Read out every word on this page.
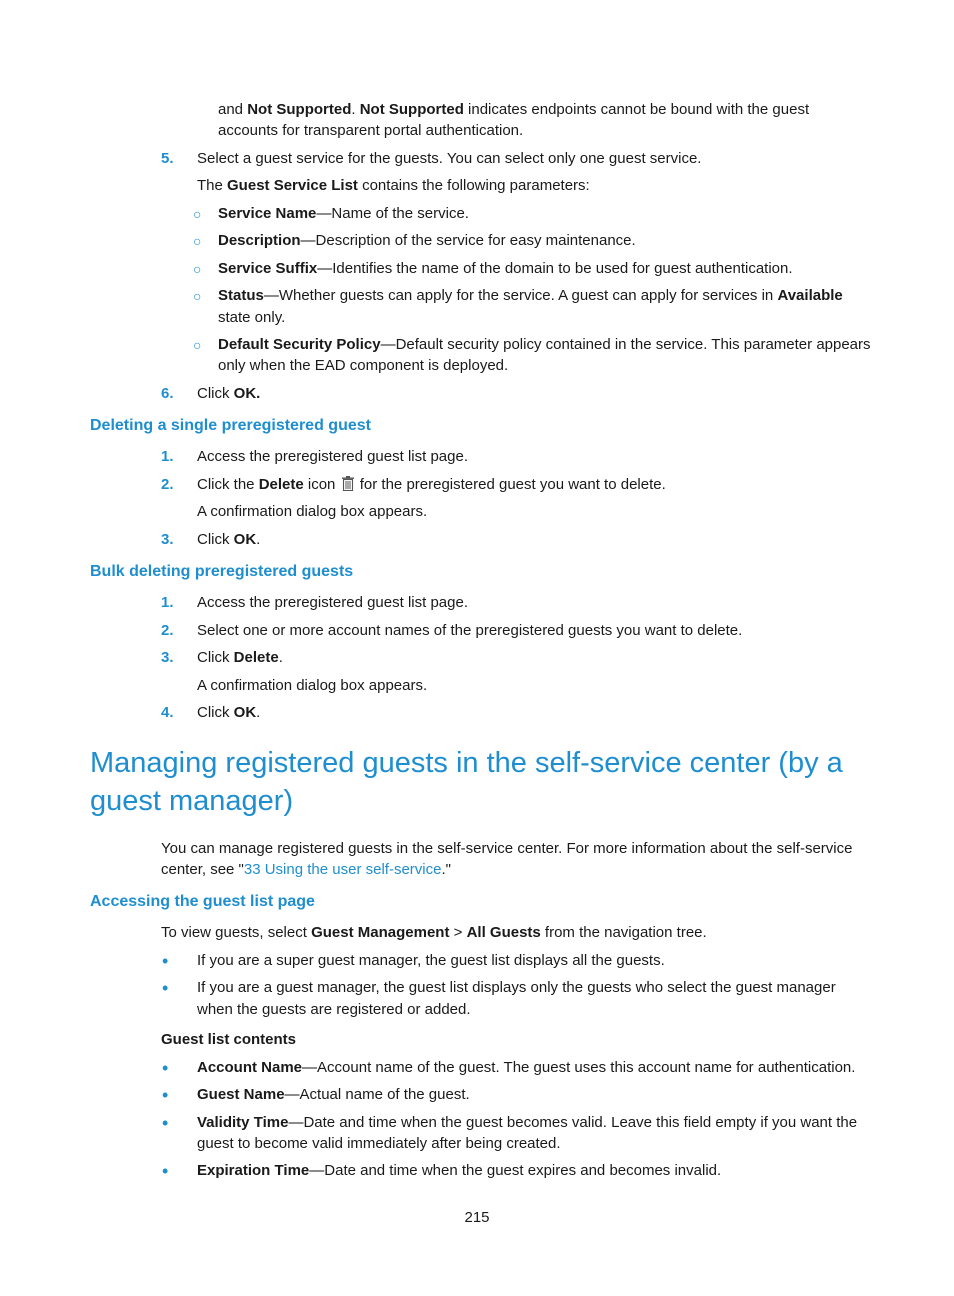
and Not Supported. Not Supported indicates endpoints cannot be bound with the guest
accounts for transparent portal authentication.
5. Select a guest service for the guests. You can select only one guest service.
The Guest Service List contains the following parameters:
○ Service Name—Name of the service.
○ Description—Description of the service for easy maintenance.
○ Service Suffix—Identifies the name of the domain to be used for guest authentication.
○ Status—Whether guests can apply for the service. A guest can apply for services in Available
state only.
○ Default Security Policy—Default security policy contained in the service. This parameter appears
only when the EAD component is deployed.
6. Click OK.
Deleting a single preregistered guest
1. Access the preregistered guest list page.
2. Click the Delete icon  for the preregistered guest you want to delete.
A confirmation dialog box appears.
3. Click OK.
Bulk deleting preregistered guests
1. Access the preregistered guest list page.
2. Select one or more account names of the preregistered guests you want to delete.
3. Click Delete.
A confirmation dialog box appears.
4. Click OK.
Managing registered guests in the self-service center (by a
guest manager)
You can manage registered guests in the self-service center. For more information about the self-service
center, see "33 Using the user self-service."
Accessing the guest list page
To view guests, select Guest Management > All Guests from the navigation tree.
• If you are a super guest manager, the guest list displays all the guests.
• If you are a guest manager, the guest list displays only the guests who select the guest manager
when the guests are registered or added.
Guest list contents
• Account Name—Account name of the guest. The guest uses this account name for authentication.
• Guest Name—Actual name of the guest.
• Validity Time—Date and time when the guest becomes valid. Leave this field empty if you want the
guest to become valid immediately after being created.
• Expiration Time—Date and time when the guest expires and becomes invalid.
215
